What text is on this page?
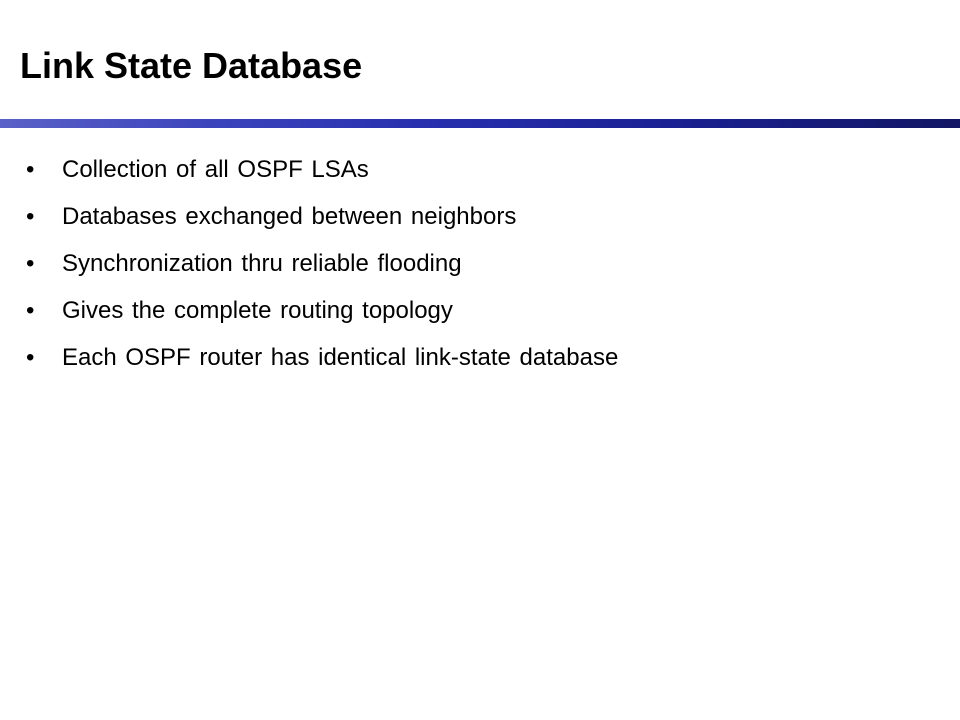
Link State Database
• Collection of all OSPF LSAs
• Databases exchanged between neighbors
• Synchronization thru reliable flooding
• Gives the complete routing topology
• Each OSPF router has identical link-state database
